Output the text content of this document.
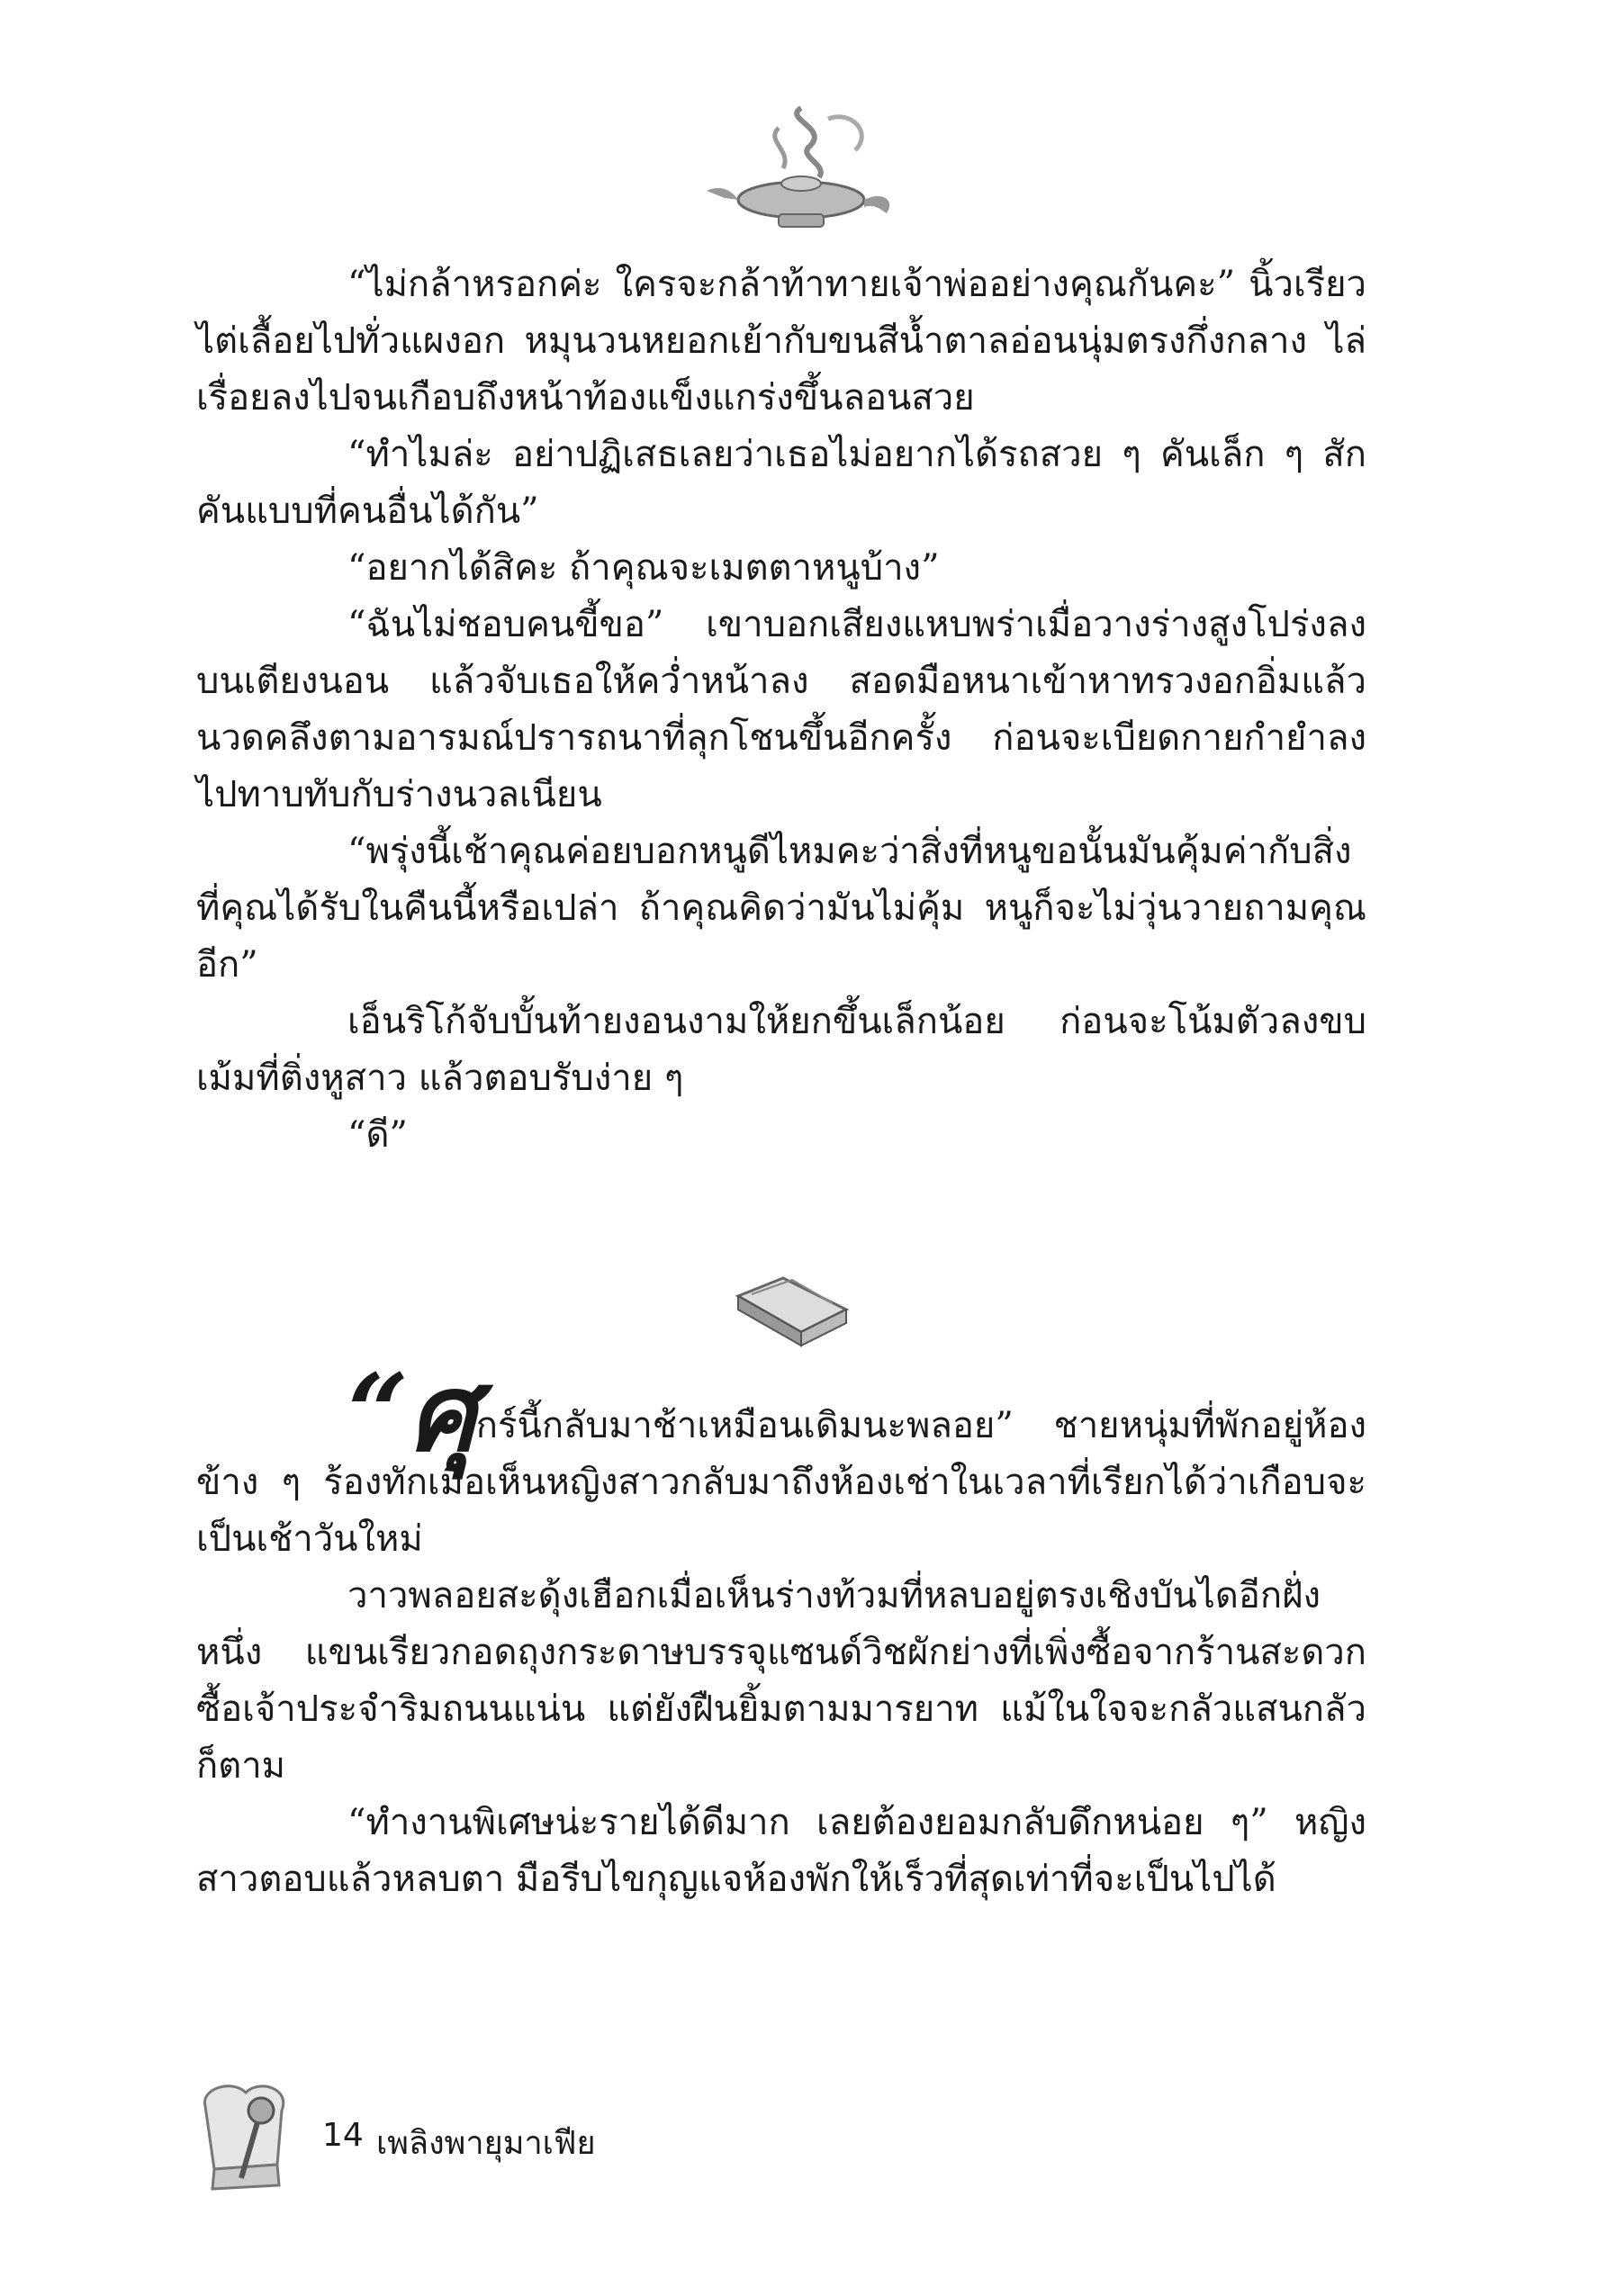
“ไม่กล้าหรอกค่ะ ใครจะกล้าท้าทายเจ้าพ่ออย่างคุณกันคะ” นิ้วเรียวไต่เลื้อยไปทั่วแผงอก หมุนวนหยอกเย้ากับขนสีน้ำตาลอ่อนนุ่มตรงกึ่งกลาง ไล่เรื่อยลงไปจนเกือบถึงหน้าท้องแข็งแกร่งขึ้นลอนสวย

“ทำไมล่ะ อย่าปฏิเสธเลยว่าเธอไม่อยากได้รถสวย ๆ คันเล็ก ๆ สักคันแบบที่คนอื่นได้กัน”

“อยากได้สิคะ ถ้าคุณจะเมตตาหนูบ้าง”

“ฉันไม่ชอบคนขี้ขอ” เขาบอกเสียงแหบพร่าเมื่อวางร่างสูงโปร่งลงบนเตียงนอน แล้วจับเธอให้คว่ำหน้าลง สอดมือหนาเข้าหาทรวงอกอิ่มแล้วนวดคลึงตามอารมณ์ปรารถนาที่ลุกโชนขึ้นอีกครั้ง ก่อนจะเบียดกายกำยำลงไปทาบทับกับร่างนวลเนียน

“พรุ่งนี้เช้าคุณค่อยบอกหนูดีไหมคะว่าสิ่งที่หนูขอนั้นมันคุ้มค่ากับสิ่งที่คุณได้รับในคืนนี้หรือเปล่า ถ้าคุณคิดว่ามันไม่คุ้ม หนูก็จะไม่วุ่นวายถามคุณอีก”

เอ็นริโก้จับบั้นท้ายงอนงามให้ยกขึ้นเล็กน้อย ก่อนจะโน้มตัวลงขบเม้มที่ติ่งหูสาว แล้วตอบรับง่าย ๆ

“ดี”

“ศุกร์นี้กลับมาช้าเหมือนเดิมนะพลอย” ชายหนุ่มที่พักอยู่ห้องข้าง ๆ ร้องทักเมื่อเห็นหญิงสาวกลับมาถึงห้องเช่าในเวลาที่เรียกได้ว่าเกือบจะเป็นเช้าวันใหม่

วาวพลอยสะดุ้งเฮือกเมื่อเห็นร่างท้วมที่หลบอยู่ตรงเชิงบันไดอีกฝั่งหนึ่ง แขนเรียวกอดถุงกระดาษบรรจุแซนด์วิชผักย่างที่เพิ่งซื้อจากร้านสะดวกซื้อเจ้าประจำริมถนนแน่น แต่ยังฝืนยิ้มตามมารยาท แม้ในใจจะกลัวแสนกลัวก็ตาม

“ทำงานพิเศษน่ะรายได้ดีมาก เลยต้องยอมกลับดึกหน่อย ๆ” หญิงสาวตอบแล้วหลบตา มือรีบไขกุญแจห้องพักให้เร็วที่สุดเท่าที่จะเป็นไปได้

14 เพลิงพายุมาเฟีย
